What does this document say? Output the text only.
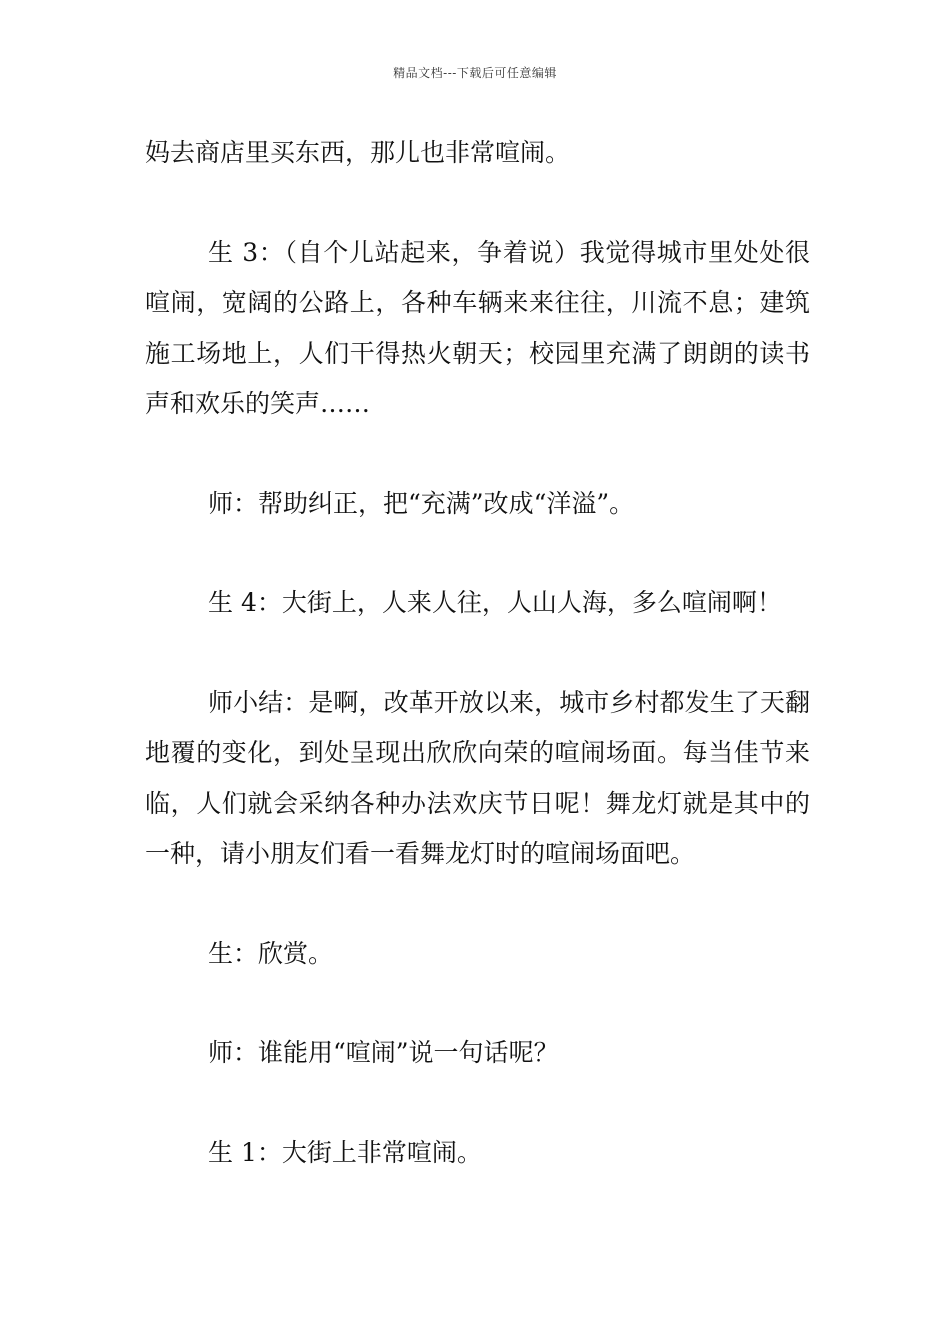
精品文档---下载后可任意编辑

妈去商店里买东西，那儿也非常喧闹。

生 3：（自个儿站起来，争着说）我觉得城市里处处很喧闹，宽阔的公路上，各种车辆来来往往，川流不息；建筑施工场地上，人们干得热火朝天；校园里充满了朗朗的读书声和欢乐的笑声……

师：帮助纠正，把“充满”改成“洋溢”。

生 4：大街上，人来人往，人山人海，多么喧闹啊！

师小结：是啊，改革开放以来，城市乡村都发生了天翻地覆的变化，到处呈现出欣欣向荣的喧闹场面。每当佳节来临，人们就会采纳各种办法欢庆节日呢！舞龙灯就是其中的一种，请小朋友们看一看舞龙灯时的喧闹场面吧。

生：欣赏。

师：谁能用“喧闹”说一句话呢？

生 1：大街上非常喧闹。
